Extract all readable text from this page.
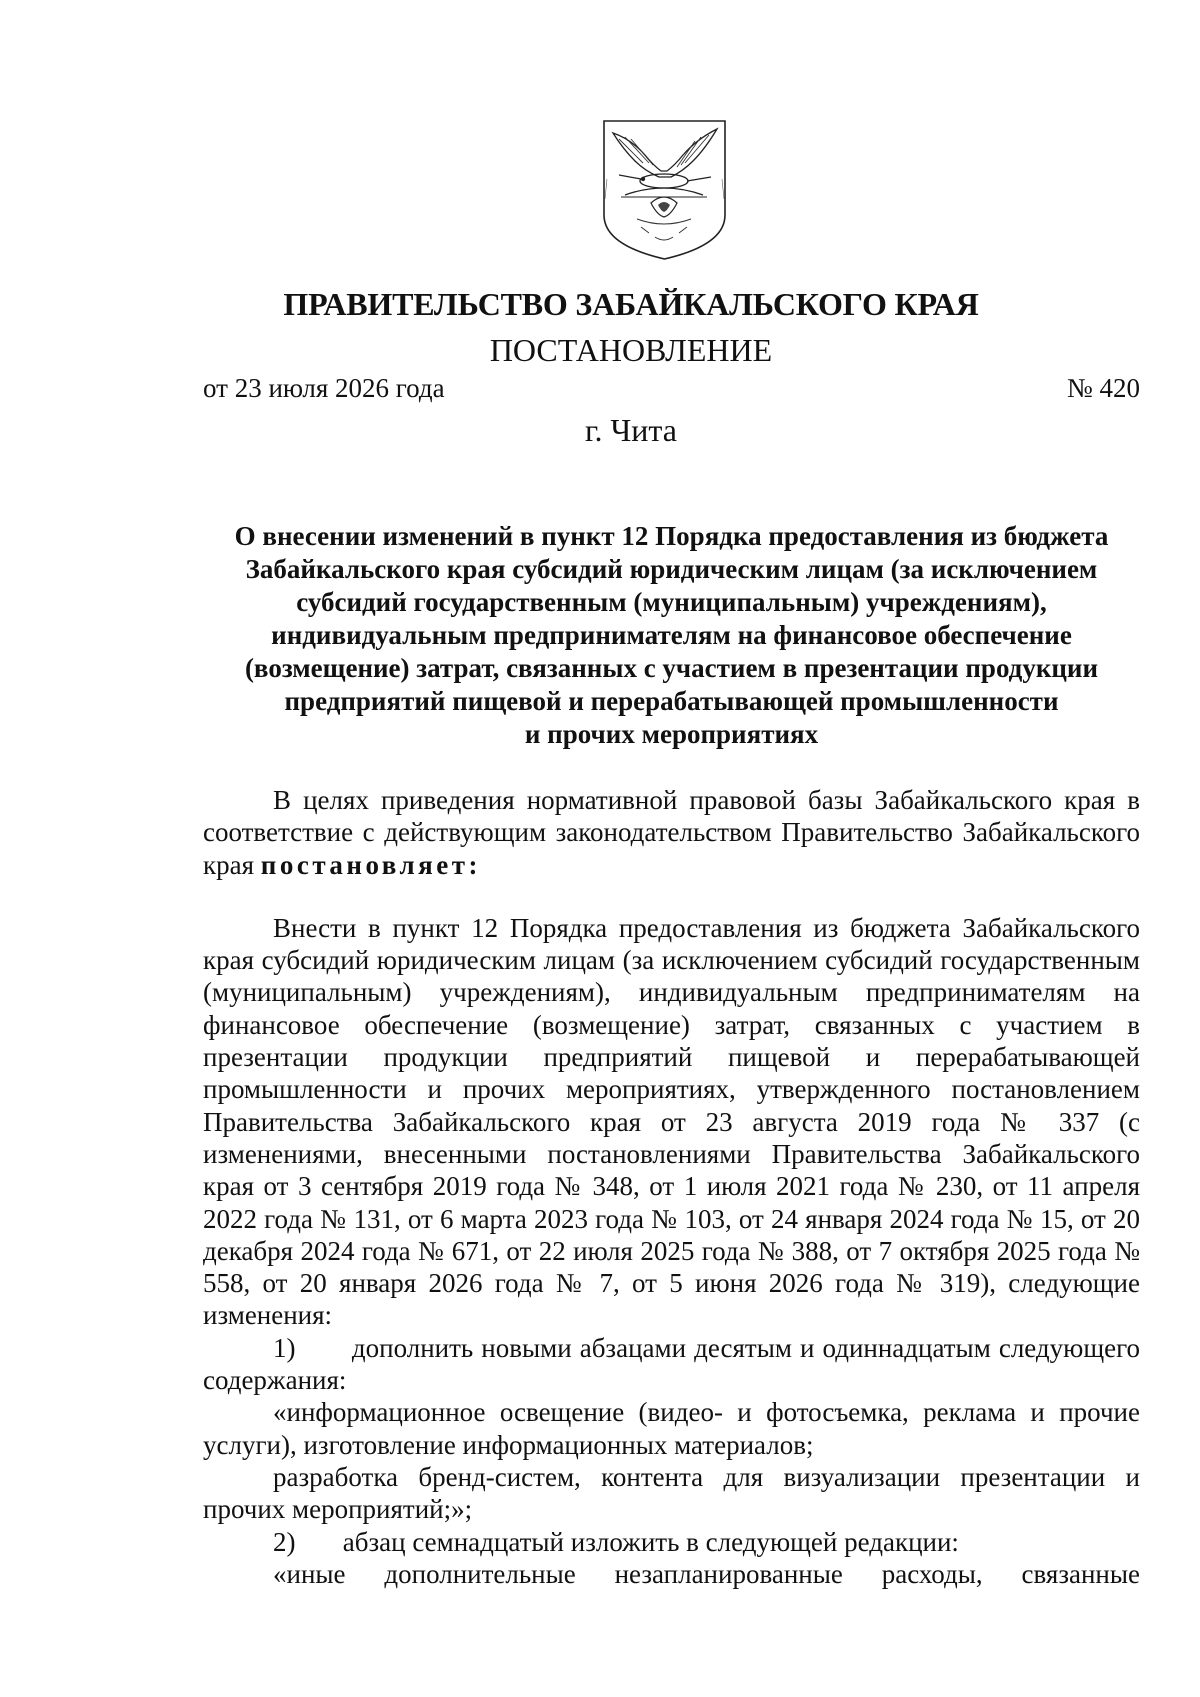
ПРАВИТЕЛЬСТВО ЗАБАЙКАЛЬСКОГО КРАЯ
ПОСТАНОВЛЕНИЕ
от 23 июля 2026 года	№ 420
г. Чита
О внесении изменений в пункт 12 Порядка предоставления из бюджета
Забайкальского края субсидий юридическим лицам (за исключением
субсидий государственным (муниципальным) учреждениям),
индивидуальным предпринимателям на финансовое обеспечение
(возмещение) затрат, связанных с участием в презентации продукции
предприятий пищевой и перерабатывающей промышленности
и прочих мероприятиях

В целях приведения нормативной правовой базы Забайкальского края в соответствие с действующим законодательством Правительство Забайкальского края постановляет:

Внести в пункт 12 Порядка предоставления из бюджета Забайкальского края субсидий юридическим лицам (за исключением субсидий государственным (муниципальным) учреждениям), индивидуальным предпринимателям на финансовое обеспечение (возмещение) затрат, связанных с участием в презентации продукции предприятий пищевой и перерабатывающей промышленности и прочих мероприятиях, утвержденного постановлением Правительства Забайкальского края от 23 августа 2019 года № 337 (с изменениями, внесенными постановлениями Правительства Забайкальского края от 3 сентября 2019 года № 348, от 1 июля 2021 года № 230, от 11 апреля 2022 года № 131, от 6 марта 2023 года № 103, от 24 января 2024 года № 15, от 20 декабря 2024 года № 671, от 22 июля 2025 года № 388, от 7 октября 2025 года № 558, от 20 января 2026 года № 7, от 5 июня 2026 года № 319), следующие изменения:

1) дополнить новыми абзацами десятым и одиннадцатым следующего содержания:

«информационное освещение (видео- и фотосъемка, реклама и прочие услуги), изготовление информационных материалов;

разработка бренд-систем, контента для визуализации презентации и прочих мероприятий;»;

2) абзац семнадцатый изложить в следующей редакции:

«иные дополнительные незапланированные расходы, связанные
